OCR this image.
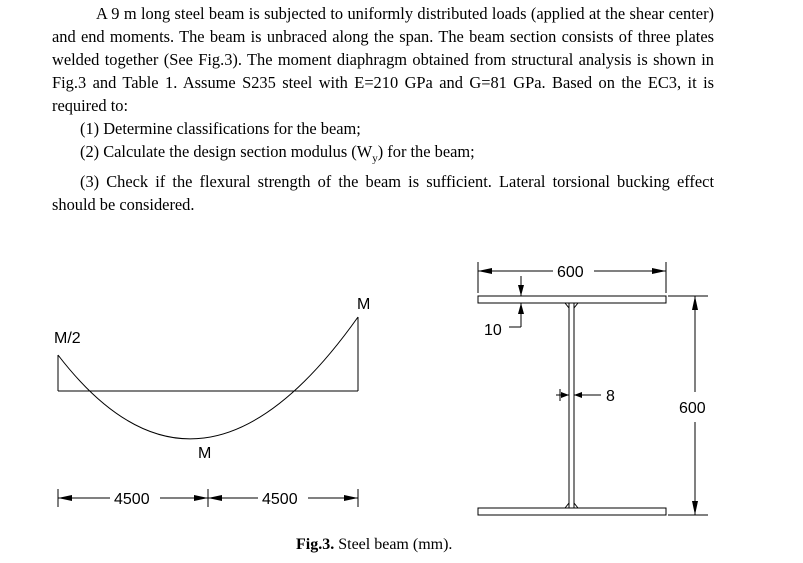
A 9 m long steel beam is subjected to uniformly distributed loads (applied at the shear center) and end moments. The beam is unbraced along the span. The beam section consists of three plates welded together (See Fig.3). The moment diaphragm obtained from structural analysis is shown in Fig.3 and Table 1. Assume S235 steel with E=210 GPa and G=81 GPa. Based on the EC3, it is required to:

(1) Determine classifications for the beam;

(2) Calculate the design section modulus $(W_y)$ for the beam;

(3) Check if the flexural strength of the beam is sufficient. Lateral torsional bucking effect should be considered.

M/2
M
M
4500	4500
600
10
8
600
Fig.3. Steel beam (mm).
